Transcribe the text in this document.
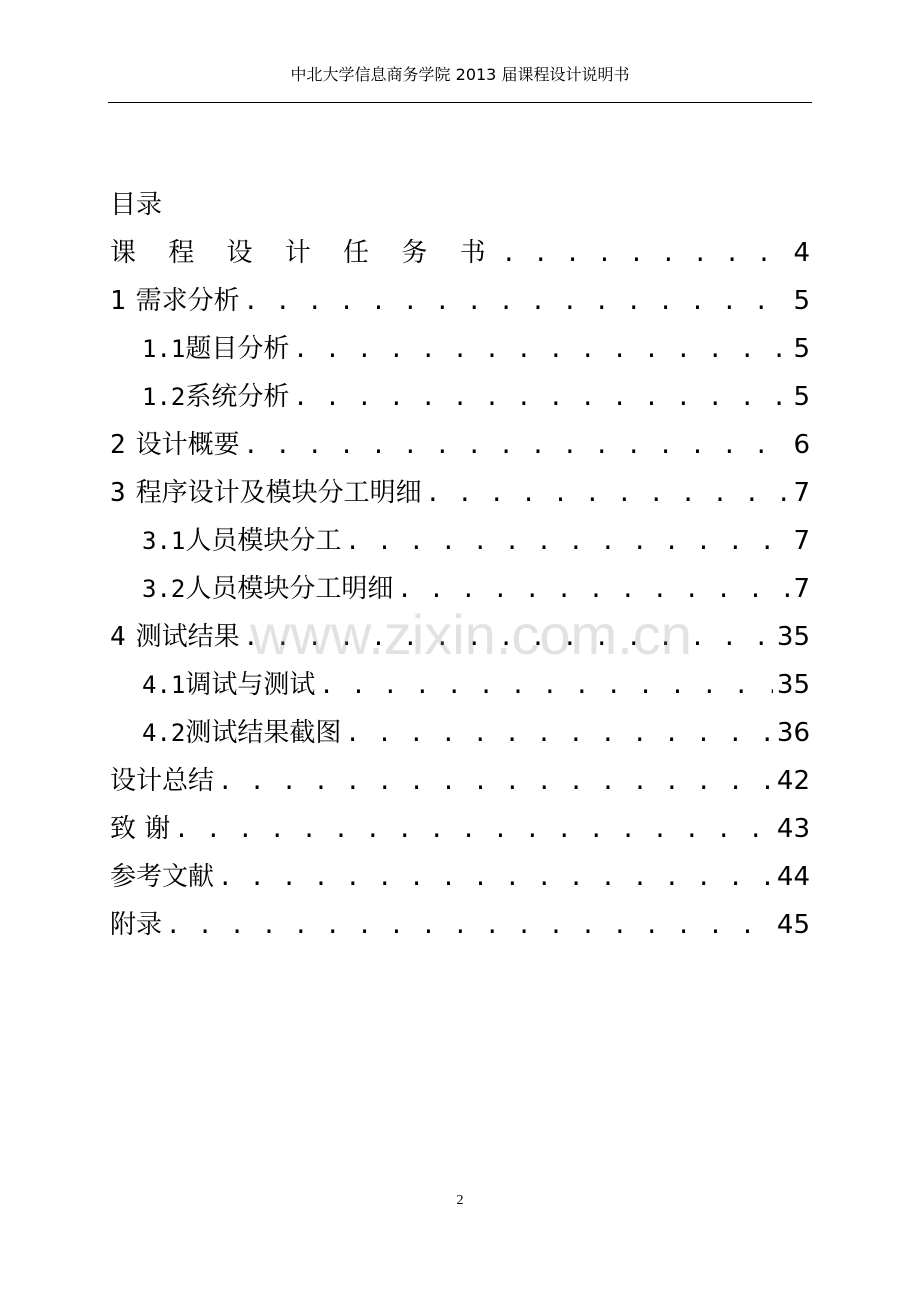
中北大学信息商务学院 2013 届课程设计说明书
目录
课 程 设 计 任 务 书 . . .	4
1 需求分析 . . .	5
1.1 题目分析 . . .	5
1.2 系统分析 . . .	5
2 设计概要 . . .	6
3 程序设计及模块分工明细 . . .	7
3.1 人员模块分工 . . .	7
3.2 人员模块分工明细 . . .	7
4 测试结果 . . .	35
4.1 调试与测试 . . .	35
4.2 测试结果截图 . . .	36
设计总结 . . .	42
致 谢 . . .	43
参考文献 . . .	44
附录 . . .	45
www.zixin.com.cn
2
